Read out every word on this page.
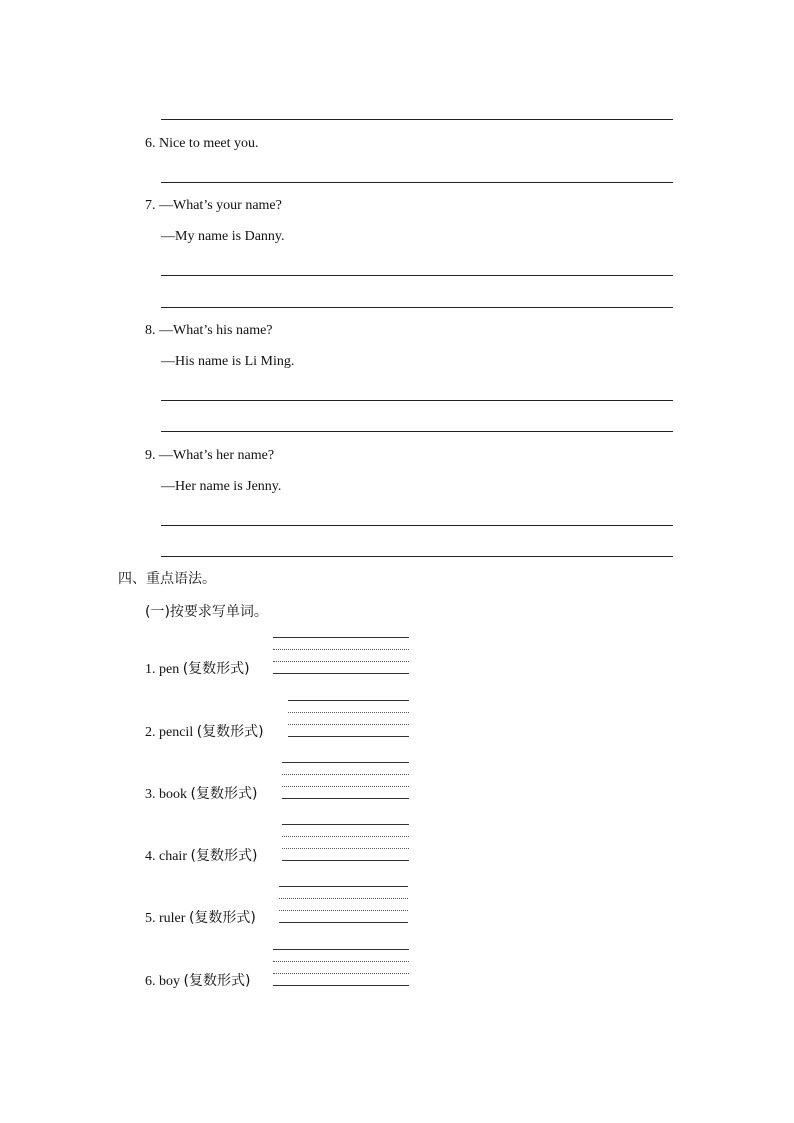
6. Nice to meet you.
7. —What’s your name?
—My name is Danny.
8. —What’s his name?
—His name is Li Ming.
9. —What’s her name?
—Her name is Jenny.
四、重点语法。
(一)按要求写单词。
1. pen (复数形式)
2. pencil (复数形式)
3. book (复数形式)
4. chair (复数形式)
5. ruler (复数形式)
6. boy (复数形式)
